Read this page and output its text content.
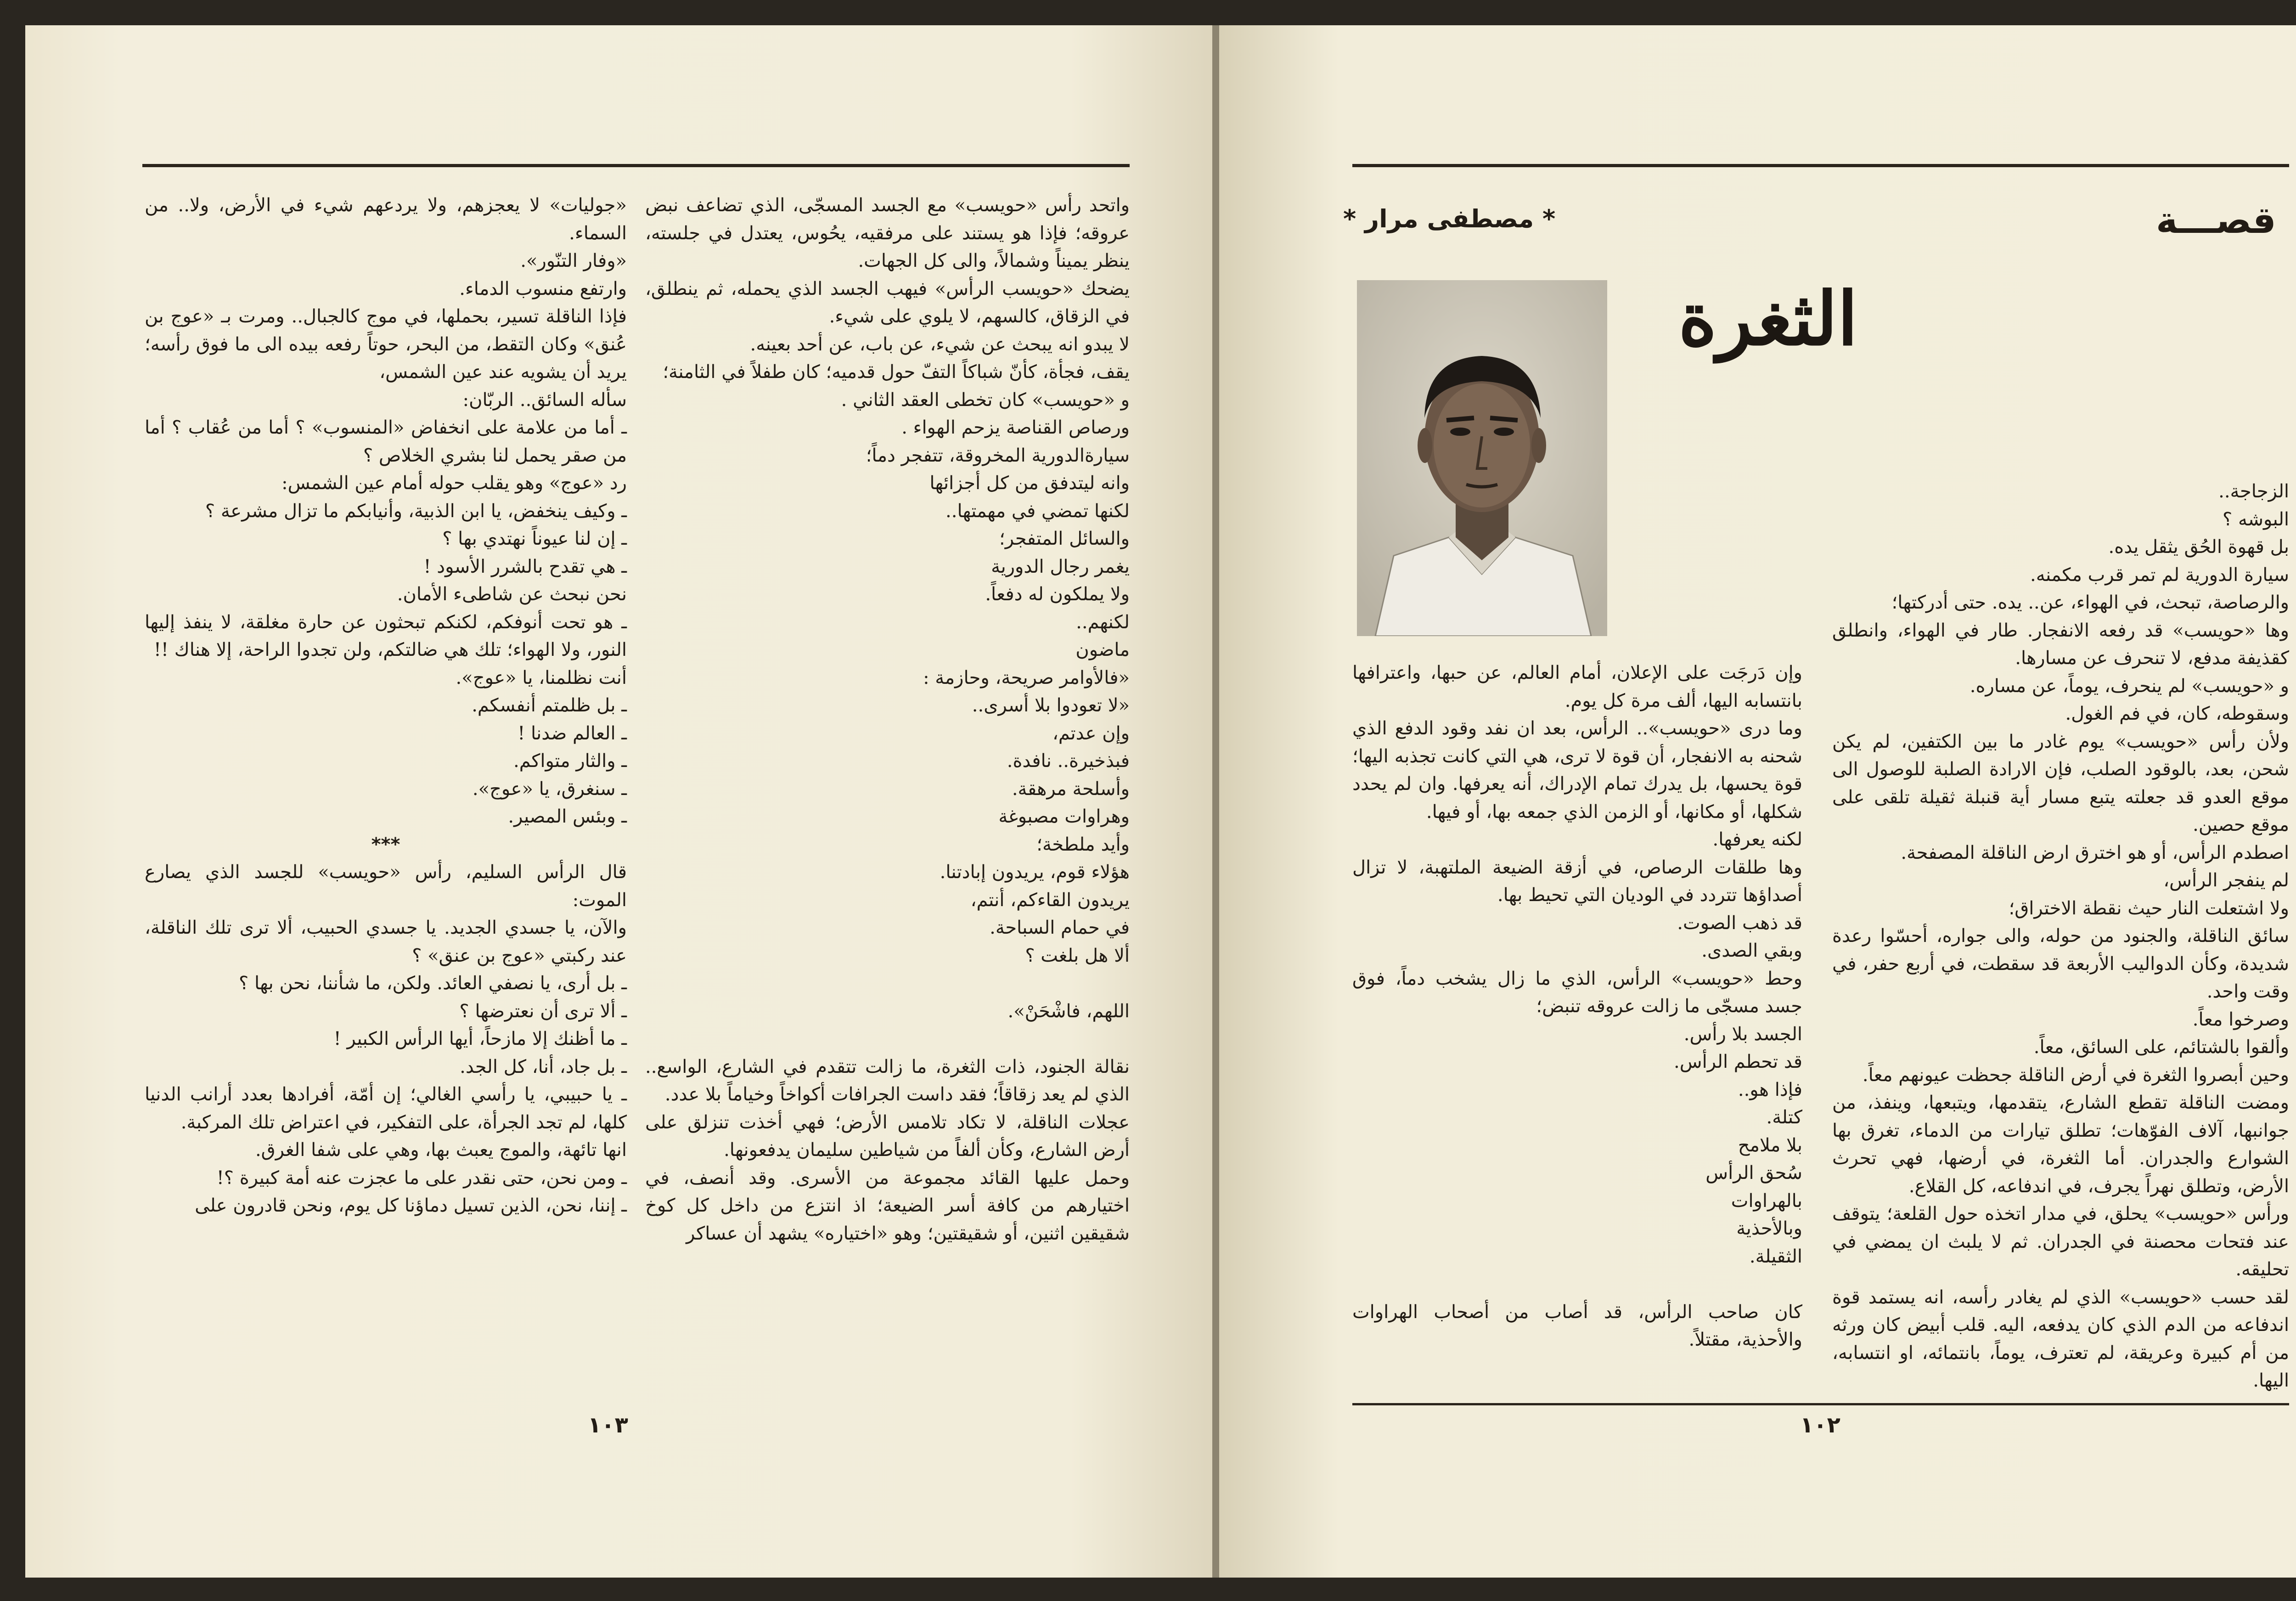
واتحد رأس «حويسب» مع الجسد المسجّى، الذي تضاعف نبض عروقه؛ فإذا هو يستند على مرفقيه، يحُوس، يعتدل في جلسته، ينظر يميناً وشمالاً، والى كل الجهات.

يضحك «حويسب الرأس» فيهب الجسد الذي يحمله، ثم ينطلق، في الزقاق، كالسهم، لا يلوي على شيء.

لا يبدو انه يبحث عن شيء، عن باب، عن أحد بعينه.

يقف، فجأة، كأنّ شباكاً التفّ حول قدميه؛ كان طفلاً في الثامنة؛

و «حويسب» كان تخطى العقد الثاني .

ورصاص القناصة يزحم الهواء .

سيارةالدورية المخروقة، تتفجر دماً؛

وانه ليتدفق من كل أجزائها

لكنها تمضي في مهمتها..

والسائل المتفجر؛

يغمر رجال الدورية

ولا يملكون له دفعاً.

لكنهم..

ماضون

«فالأوامر صريحة، وحازمة :

«لا تعودوا بلا أسرى..

وإن عدتم،

فبذخيرة.. نافدة.

وأسلحة مرهقة.

وهراوات مصبوغة

وأيد ملطخة؛

هؤلاء قوم، يريدون إبادتنا.

يريدون القاءكم، أنتم،

في حمام السباحة.

ألا هل بلغت ؟

اللهم، فاشْحَنْ».

نقالة الجنود، ذات الثغرة، ما زالت تتقدم في الشارع، الواسع.. الذي لم يعد زقاقاً؛ فقد داست الجرافات أكواخاً وخياماً بلا عدد.

عجلات الناقلة، لا تكاد تلامس الأرض؛ فهي أخذت تنزلق على أرض الشارع، وكأن ألفاً من شياطين سليمان يدفعونها.

وحمل عليها القائد مجموعة من الأسرى. وقد أنصف، في اختيارهم من كافة أسر الضيعة؛ اذ انتزع من داخل كل كوخ شقيقين اثنين، أو شقيقتين؛ وهو «اختياره» يشهد أن عساكر

«جوليات» لا يعجزهم، ولا يردعهم شيء في الأرض، ولا.. من السماء.

«وفار التنّور».

وارتفع منسوب الدماء.

فإذا الناقلة تسير، بحملها، في موج كالجبال.. ومرت بـ «عوج بن عُنق» وكان التقط، من البحر، حوتاً رفعه بيده الى ما فوق رأسه؛ يريد أن يشويه عند عين الشمس،

سأله السائق.. الربّان:

ـ أما من علامة على انخفاض «المنسوب» ؟ أما من عُقاب ؟ أما من صقر يحمل لنا بشري الخلاص ؟

رد «عوج» وهو يقلب حوله أمام عين الشمس:

ـ وكيف ينخفض، يا ابن الذبية، وأنيابكم ما تزال مشرعة ؟

ـ إن لنا عيوناً نهتدي بها ؟

ـ هي تقدح بالشرر الأسود !

نحن نبحث عن شاطىء الأمان.

ـ هو تحت أنوفكم، لكنكم تبحثون عن حارة مغلقة، لا ينفذ إليها النور، ولا الهواء؛ تلك هي ضالتكم، ولن تجدوا الراحة، إلا هناك !!

أنت نظلمنا، يا «عوج».

ـ بل ظلمتم أنفسكم.

ـ العالم ضدنا !

ـ والثار متواكم.

ـ سنغرق، يا «عوج».

ـ وبئس المصير.

***

قال الرأس السليم، رأس «حويسب» للجسد الذي يصارع الموت:

والآن، يا جسدي الجديد. يا جسدي الحبيب، ألا ترى تلك الناقلة، عند ركبتي «عوج بن عنق» ؟

ـ بل أرى، يا نصفي العائد. ولكن، ما شأننا، نحن بها ؟

ـ ألا ترى أن نعترضها ؟

ـ ما أظنك إلا مازحاً، أيها الرأس الكبير !

ـ بل جاد، أنا، كل الجد.

ـ يا حبيبي، يا رأسي الغالي؛ إن أمّة، أفرادها بعدد أرانب الدنيا كلها، لم تجد الجرأة، على التفكير، في اعتراض تلك المركبة.

انها تائهة، والموج يعبث بها، وهي على شفا الغرق.

ـ ومن نحن، حتى نقدر على ما عجزت عنه أمة كبيرة ؟!

ـ إننا، نحن، الذين تسيل دماؤنا كل يوم، ونحن قادرون على

١٠٣
قصـــة
* مصطفى مرار *
الثغرة

وإن دَرجَت على الإعلان، أمام العالم، عن حبها، واعترافها بانتسابه اليها، ألف مرة كل يوم.

وما درى «حويسب».. الرأس، بعد ان نفد وقود الدفع الذي شحنه به الانفجار، أن قوة لا ترى، هي التي كانت تجذبه اليها؛ قوة يحسها، بل يدرك تمام الإدراك، أنه يعرفها. وان لم يحدد شكلها، أو مكانها، أو الزمن الذي جمعه بها، أو فيها.

لكنه يعرفها.

وها طلقات الرصاص، في أزقة الضيعة الملتهبة، لا تزال أصداؤها تتردد في الوديان التي تحيط بها.

قد ذهب الصوت.

وبقي الصدى.

وحط «حويسب» الرأس، الذي ما زال يشخب دماً، فوق جسد مسجّى ما زالت عروقه تنبض؛

الجسد بلا رأس.

قد تحطم الرأس.

فإذا هو..

كتلة.

بلا ملامح

سُحق الرأس

بالهراوات

وبالأحذية

الثقيلة.

كان صاحب الرأس، قد أصاب من أصحاب الهراوات والأحذية، مقتلاً.

الزجاجة..

البوشه ؟

بل قهوة الحُق يثقل يده.

سيارة الدورية لم تمر قرب مكمنه.

والرصاصة، تبحث، في الهواء، عن.. يده. حتى أدركتها؛

وها «حويسب» قد رفعه الانفجار. طار في الهواء، وانطلق كقذيفة مدفع، لا تنحرف عن مسارها.

و «حويسب» لم ينحرف، يوماً، عن مساره.

وسقوطه، كان، في فم الغول.

ولأن رأس «حويسب» يوم غادر ما بين الكتفين، لم يكن شحن، بعد، بالوقود الصلب، فإن الارادة الصلبة للوصول الى موقع العدو قد جعلته يتبع مسار أية قنبلة ثقيلة تلقى على موقع حصين.

اصطدم الرأس، أو هو اخترق ارض الناقلة المصفحة.

لم ينفجر الرأس،

ولا اشتعلت النار حيث نقطة الاختراق؛

سائق الناقلة، والجنود من حوله، والى جواره، أحسّوا رعدة شديدة، وكأن الدواليب الأربعة قد سقطت، في أربع حفر، في وقت واحد.

وصرخوا معاً.

وألقوا بالشتائم، على السائق، معاً.

وحين أبصروا الثغرة في أرض الناقلة جحظت عيونهم معاً.

ومضت الناقلة تقطع الشارع، يتقدمها، ويتبعها، وينفذ، من جوانبها، آلاف الفوّهات؛ تطلق تيارات من الدماء، تغرق بها الشوارع والجدران. أما الثغرة، في أرضها، فهي تحرث الأرض، وتطلق نهراً يجرف، في اندفاعه، كل القلاع.

ورأس «حويسب» يحلق، في مدار اتخذه حول القلعة؛ يتوقف عند فتحات محصنة في الجدران. ثم لا يلبث ان يمضي في تحليقه.

لقد حسب «حويسب» الذي لم يغادر رأسه، انه يستمد قوة اندفاعه من الدم الذي كان يدفعه، اليه. قلب أبيض كان ورثه من أم كبيرة وعريقة، لم تعترف، يوماً، بانتمائه، او انتسابه، اليها.

١٠٢
